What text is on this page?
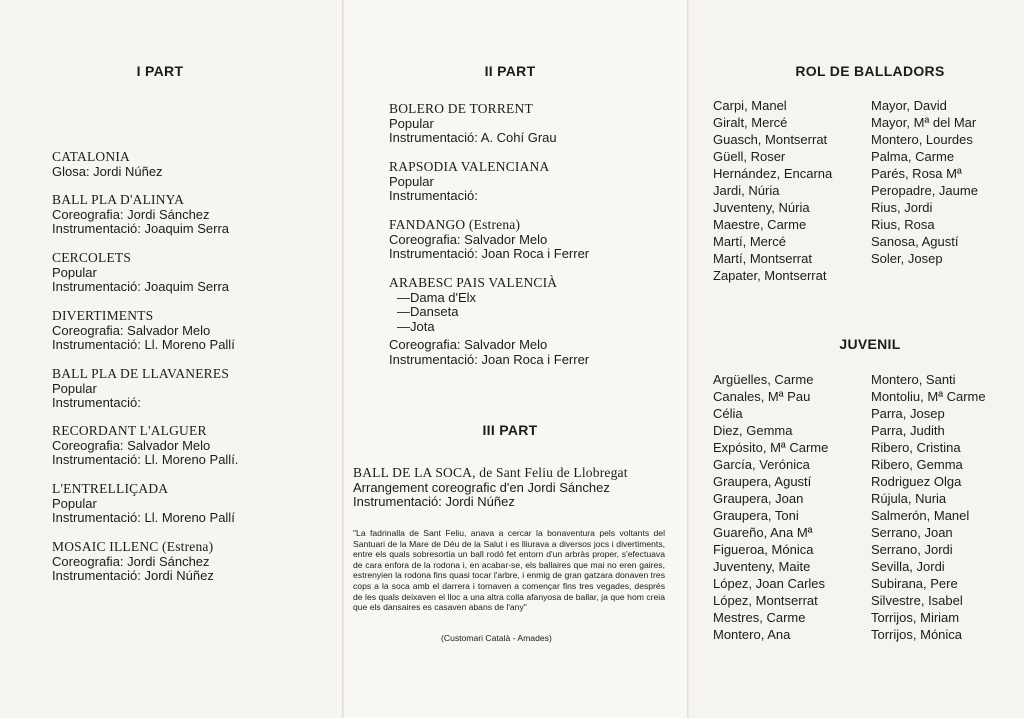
I PART
CATALONIA
Glosa: Jordi Núñez
BALL PLA D'ALINYA
Coreografia: Jordi Sánchez
Instrumentació: Joaquim Serra
CERCOLETS
Popular
Instrumentació: Joaquim Serra
DIVERTIMENTS
Coreografia: Salvador Melo
Instrumentació: Ll. Moreno Pallí
BALL PLA DE LLAVANERES
Popular
Instrumentació:
RECORDANT L'ALGUER
Coreografia: Salvador Melo
Instrumentació: Ll. Moreno Pallí.
L'ENTRELLIÇADA
Popular
Instrumentació: Ll. Moreno Pallí
MOSAIC ILLENC (Estrena)
Coreografia: Jordi Sánchez
Instrumentació: Jordi Núñez
II PART
BOLERO DE TORRENT
Popular
Instrumentació: A. Cohí Grau
RAPSODIA VALENCIANA
Popular
Instrumentació:
FANDANGO (Estrena)
Coreografia: Salvador Melo
Instrumentació: Joan Roca i Ferrer
ARABESC PAIS VALENCIÀ
—Dama d'Elx
—Danseta
—Jota
Coreografia: Salvador Melo
Instrumentació: Joan Roca i Ferrer
III PART
BALL DE LA SOCA, de Sant Feliu de Llobregat
Arrangement coreografic d'en Jordi Sánchez
Instrumentació: Jordi Núñez
"La fadrinalla de Sant Feliu, anava a cercar la bonaventura pels voltants del Santuari de la Mare de Déu de la Salut i es lliurava a diversos jocs i divertiments, entre els quals sobresortia un ball rodó fet entorn d'un arbràs proper, s'efectuava de cara enfora de la rodona i, en acabar-se, els ballaires que mai no eren gaires, estrenyien la rodona fins quasi tocar l'arbre, i enmig de gran gatzara donaven tres cops a la soca amb el darrera i tornaven a començar fins tres vegades, després de les quals deixaven el lloc a una altra colla afanyosa de ballar, ja que hom creia que els dansaires es casaven abans de l'any"
(Customari Català - Amades)
ROL DE BALLADORS
Carpi, Manel
Giralt, Mercé
Guasch, Montserrat
Güell, Roser
Hernández, Encarna
Jardi, Núria
Juventeny, Núria
Maestre, Carme
Martí, Mercé
Martí, Montserrat
Zapater, Montserrat
Mayor, David
Mayor, Mª del Mar
Montero, Lourdes
Palma, Carme
Parés, Rosa Mª
Peropadre, Jaume
Rius, Jordi
Rius, Rosa
Sanosa, Agustí
Soler, Josep
JUVENIL
Argüelles, Carme
Canales, Mª Pau
Célia
Diez, Gemma
Expósito, Mª Carme
García, Verónica
Graupera, Agustí
Graupera, Joan
Graupera, Toni
Guareño, Ana Mª
Figueroa, Mónica
Juventeny, Maite
López, Joan Carles
López, Montserrat
Mestres, Carme
Montero, Ana
Montero, Santi
Montoliu, Mª Carme
Parra, Josep
Parra, Judith
Ribero, Cristina
Ribero, Gemma
Rodriguez Olga
Rújula, Nuria
Salmerón, Manel
Serrano, Joan
Serrano, Jordi
Sevilla, Jordi
Subirana, Pere
Silvestre, Isabel
Torrijos, Miriam
Torrijos, Mónica
